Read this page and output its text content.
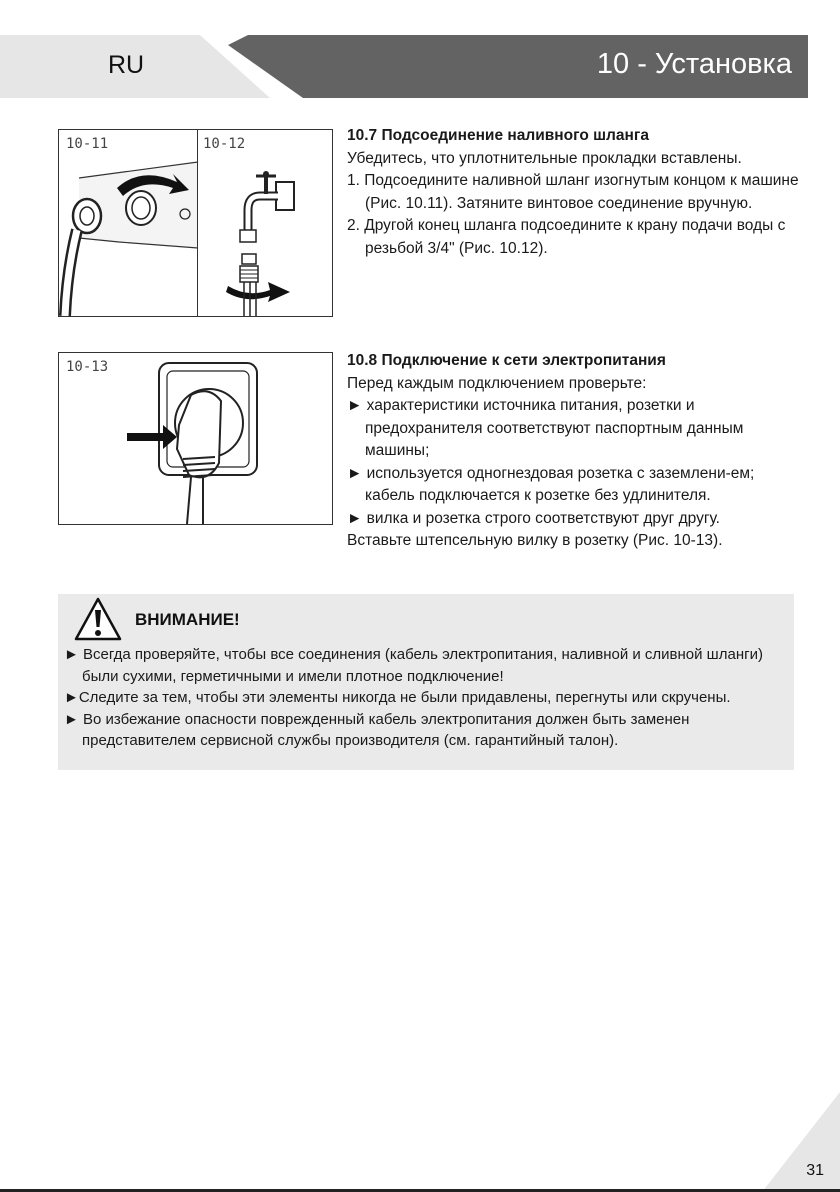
RU	10 - Установка
10-11	10-12
10-13

10.7 Подсоединение наливного шланга

Убедитесь, что уплотнительные прокладки вставлены.

1. Подсоедините наливной шланг изогнутым концом к машине (Рис. 10.11). Затяните винтовое соединение вручную.

2. Другой конец шланга подсоедините к крану подачи воды с резьбой 3/4" (Рис. 10.12).

10.8 Подключение к сети электропитания

Перед каждым подключением проверьте:

► характеристики источника питания, розетки и предохранителя соответствуют паспортным данным машины;

► используется одногнездовая розетка с заземлени-ем; кабель подключается к розетке без удлинителя.

► вилка и розетка строго соответствуют друг другу.

Вставьте штепсельную вилку в розетку (Рис. 10-13).

ВНИМАНИЕ!

► Всегда проверяйте, чтобы все соединения (кабель электропитания, наливной и сливной шланги) были сухими, герметичными и имели плотное подключение!

►Следите за тем, чтобы эти элементы никогда не были придавлены, перегнуты или скручены.

► Во избежание опасности поврежденный кабель электропитания должен быть заменен представителем сервисной службы производителя (см. гарантийный талон).

31
